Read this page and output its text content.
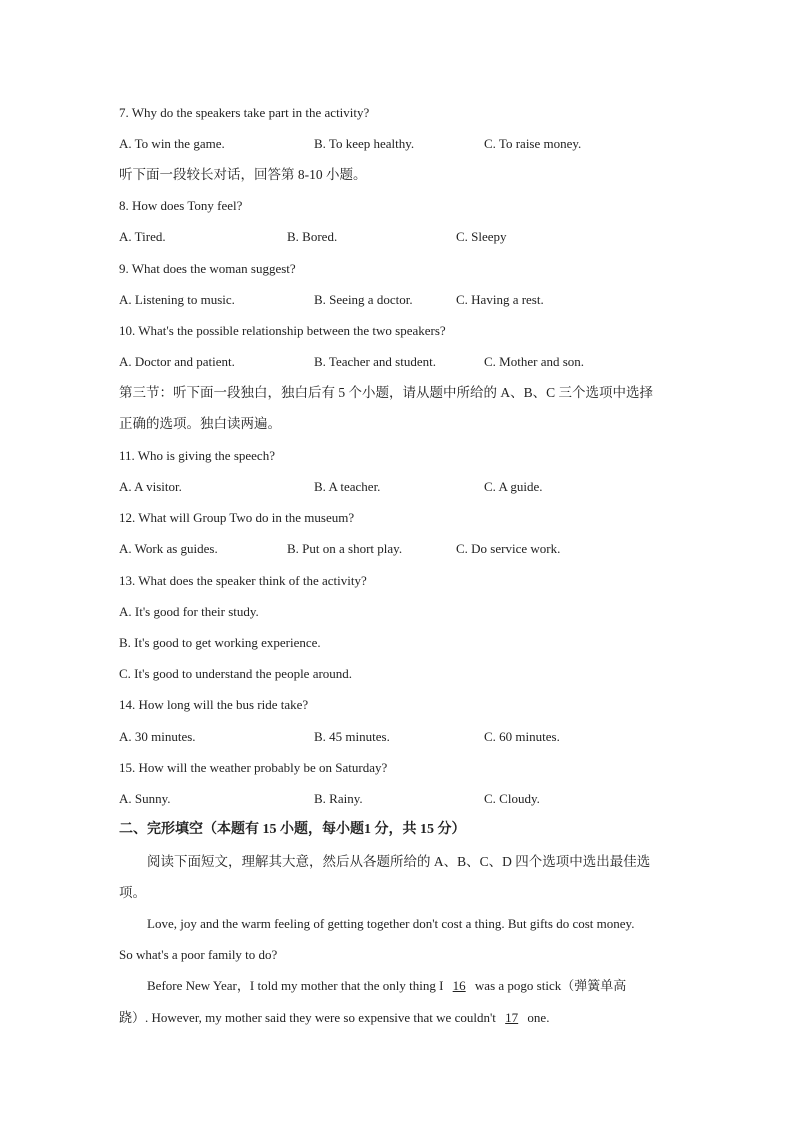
7. Why do the speakers take part in the activity?
A. To win the game.	B. To keep healthy.	C. To raise money.
听下面一段较长对话，回答第 8-10 小题。
8. How does Tony feel?
A. Tired.	B. Bored.	C. Sleepy
9. What does the woman suggest?
A. Listening to music.	B. Seeing a doctor.	C. Having a rest.
10. What's the possible relationship between the two speakers?
A. Doctor and patient.	B. Teacher and student.	C. Mother and son.
第三节：听下面一段独白，独白后有 5 个小题，请从题中所给的 A、B、C 三个选项中选择
正确的选项。独白读两遍。
11. Who is giving the speech?
A. A visitor.	B. A teacher.	C. A guide.
12. What will Group Two do in the museum?
A. Work as guides.	B. Put on a short play.	C. Do service work.
13. What does the speaker think of the activity?
A. It's good for their study.
B. It's good to get working experience.
C. It's good to understand the people around.
14. How long will the bus ride take?
A. 30 minutes.	B. 45 minutes.	C. 60 minutes.
15. How will the weather probably be on Saturday?
A. Sunny.	B. Rainy.	C. Cloudy.
二、完形填空（本题有 15 小题，每小题1 分，共 15 分）
阅读下面短文，理解其大意，然后从各题所给的 A、B、C、D 四个选项中选出最佳选
项。
Love, joy and the warm feeling of getting together don't cost a thing. But gifts do cost money.
So what's a poor family to do?
Before New Year，I told my mother that the only thing I 16 was a pogo stick（弹簧单高
跷）. However, my mother said they were so expensive that we couldn't 17 one.
